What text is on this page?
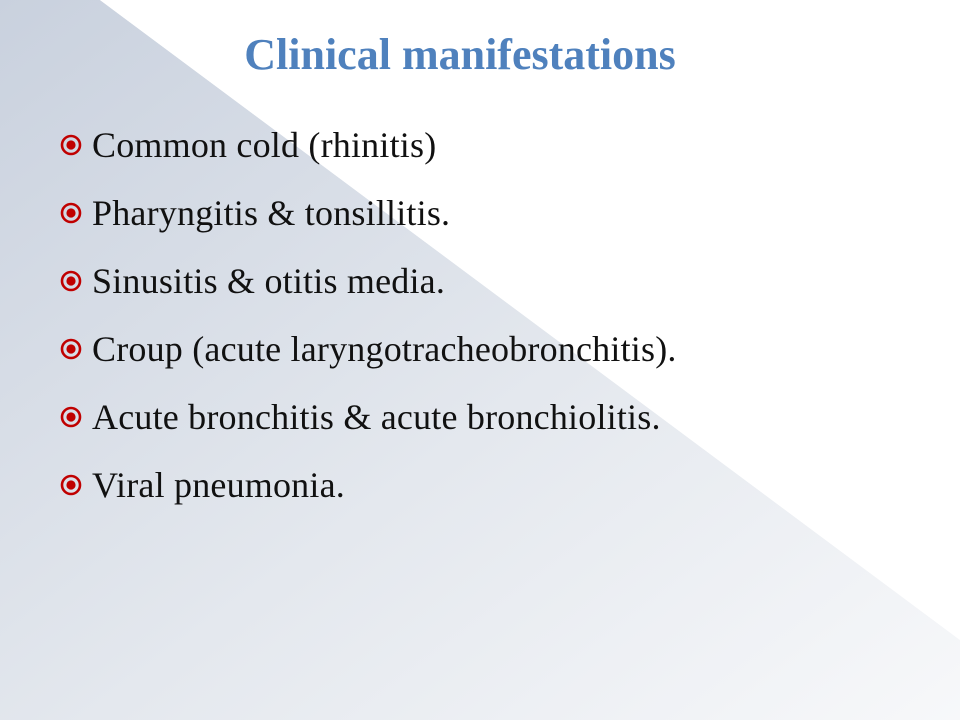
Clinical manifestations
Common cold (rhinitis)
Pharyngitis & tonsillitis.
Sinusitis & otitis media.
Croup (acute laryngotracheobronchitis).
Acute bronchitis & acute bronchiolitis.
Viral pneumonia.
